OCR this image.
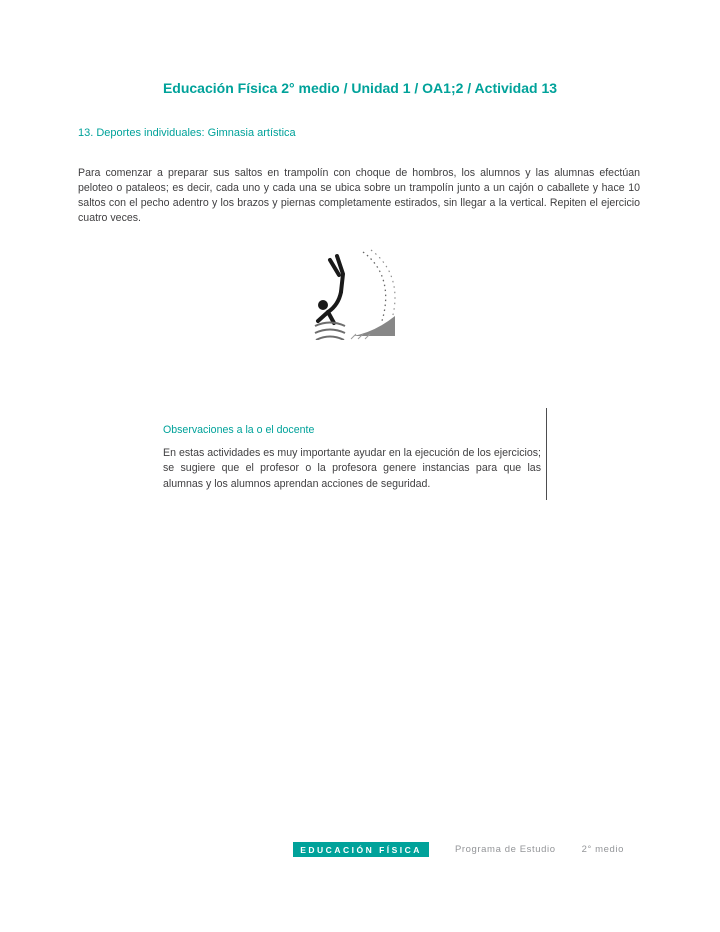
Educación Física 2° medio / Unidad 1 / OA1;2 / Actividad 13
13. Deportes individuales: Gimnasia artística

Para comenzar a preparar sus saltos en trampolín con choque de hombros, los alumnos y las alumnas efectúan peloteo o pataleos; es decir, cada uno y cada una se ubica sobre un trampolín junto a un cajón o caballete y hace 10 saltos con el pecho adentro y los brazos y piernas completamente estirados, sin llegar a la vertical. Repiten el ejercicio cuatro veces.

Observaciones a la o el docente

En estas actividades es muy importante ayudar en la ejecución de los ejercicios; se sugiere que el profesor o la profesora genere instancias para que las alumnas y los alumnos aprendan acciones de seguridad.

EDUCACIÓN FÍSICA	Programa de Estudio	2° medio
